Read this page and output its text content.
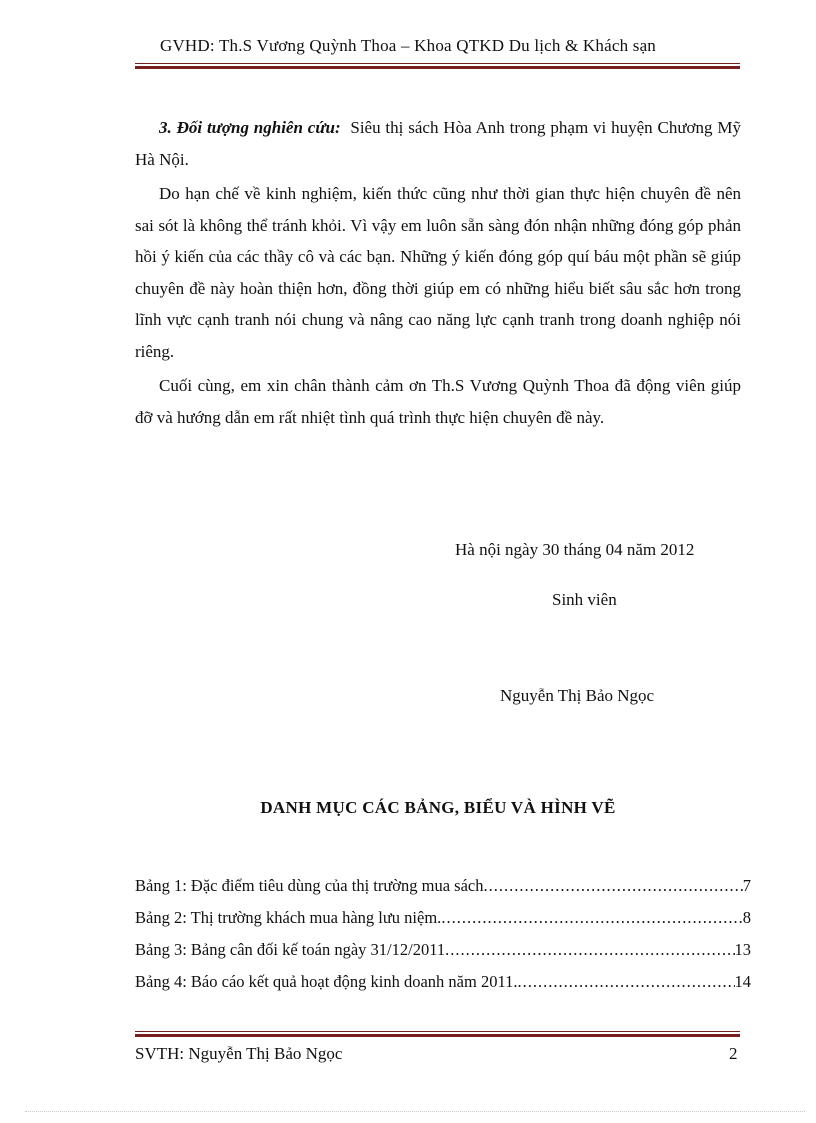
GVHD: Th.S Vương Quỳnh Thoa – Khoa QTKD Du lịch & Khách sạn

3. Đối tượng nghiên cứu: Siêu thị sách Hòa Anh trong phạm vi huyện Chương Mỹ Hà Nội.

Do hạn chế về kinh nghiệm, kiến thức cũng như thời gian thực hiện chuyên đề nên sai sót là không thể tránh khỏi. Vì vậy em luôn sẵn sàng đón nhận những đóng góp phản hồi ý kiến của các thầy cô và các bạn. Những ý kiến đóng góp quí báu một phần sẽ giúp chuyên đề này hoàn thiện hơn, đồng thời giúp em có những hiểu biết sâu sắc hơn trong lĩnh vực cạnh tranh nói chung và nâng cao năng lực cạnh tranh trong doanh nghiệp nói riêng.

Cuối cùng, em xin chân thành cảm ơn Th.S Vương Quỳnh Thoa đã động viên giúp đỡ và hướng dẫn em rất nhiệt tình quá trình thực hiện chuyên đề này.

Hà nội ngày 30 tháng 04 năm 2012
Sinh viên
Nguyễn Thị Bảo Ngọc
DANH MỤC CÁC BẢNG, BIỂU VÀ HÌNH VẼ
Bảng 1: Đặc điểm tiêu dùng của thị trường mua sách .....	7
Bảng 2: Thị trường khách mua hàng lưu niệm. .....	8
Bảng 3: Bảng cân đối kế toán ngày 31/12/2011 .....	13
Bảng 4: Báo cáo kết quả hoạt động kinh doanh năm 2011. .....	14
SVTH: Nguyễn Thị Bảo Ngọc	2
